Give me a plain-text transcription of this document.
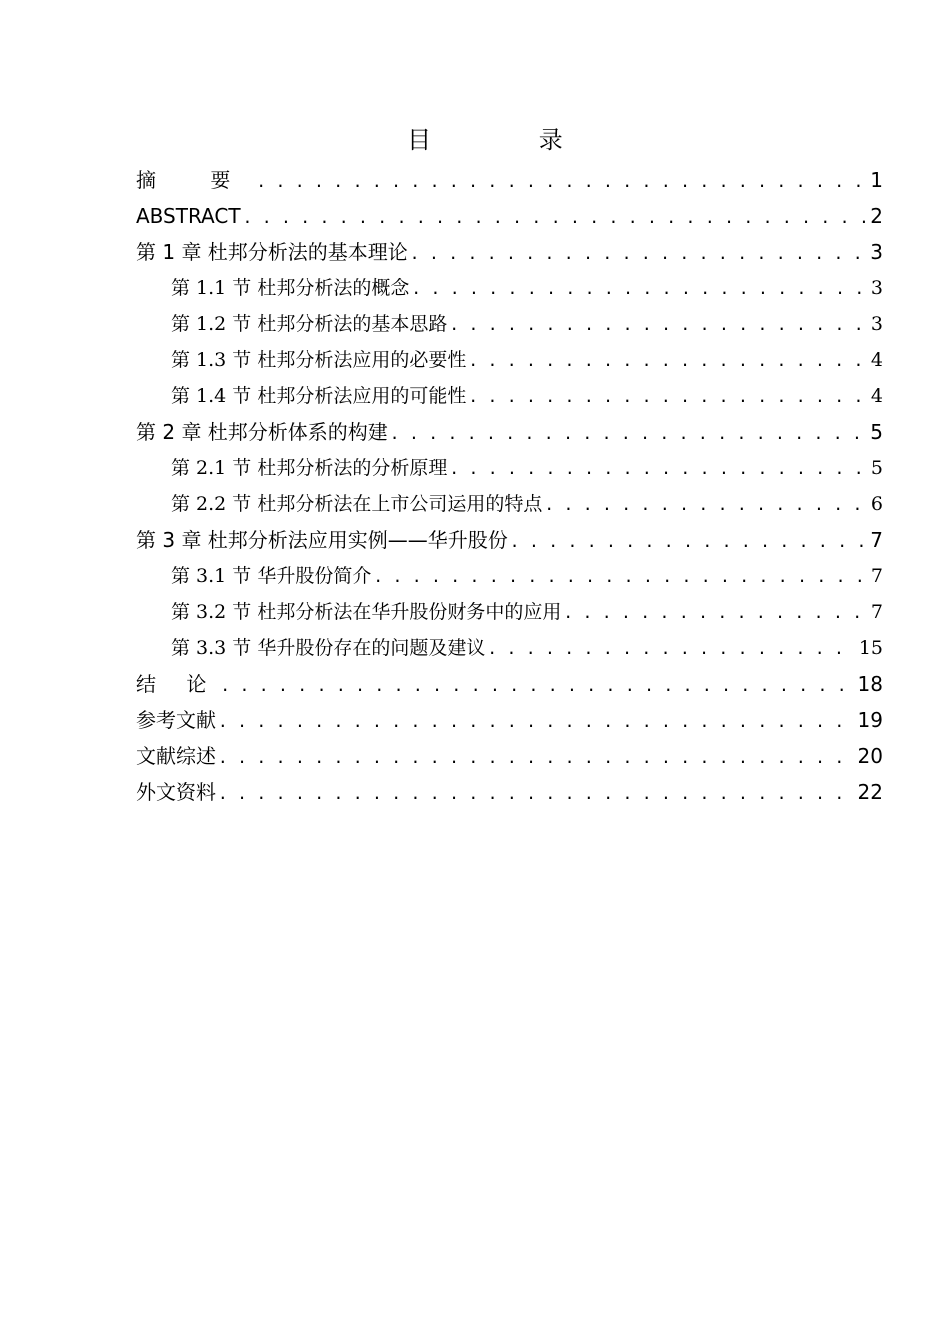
目 录
摘 要 . . .	1
ABSTRACT . . .	2
第 1 章 杜邦分析法的基本理论 . . .	3
第 1.1 节 杜邦分析法的概念 . . .	3
第 1.2 节 杜邦分析法的基本思路 . . .	3
第 1.3 节 杜邦分析法应用的必要性 . . .	4
第 1.4 节 杜邦分析法应用的可能性 . . .	4
第 2 章 杜邦分析体系的构建 . . .	5
第 2.1 节 杜邦分析法的分析原理 . . .	5
第 2.2 节 杜邦分析法在上市公司运用的特点 . . .	6
第 3 章 杜邦分析法应用实例——华升股份 . . .	7
第 3.1 节 华升股份简介 . . .	7
第 3.2 节 杜邦分析法在华升股份财务中的应用 . . .	7
第 3.3 节 华升股份存在的问题及建议 . . .	15
结 论 . . .	18
参考文献 . . .	19
文献综述 . . .	20
外文资料 . . .	22
